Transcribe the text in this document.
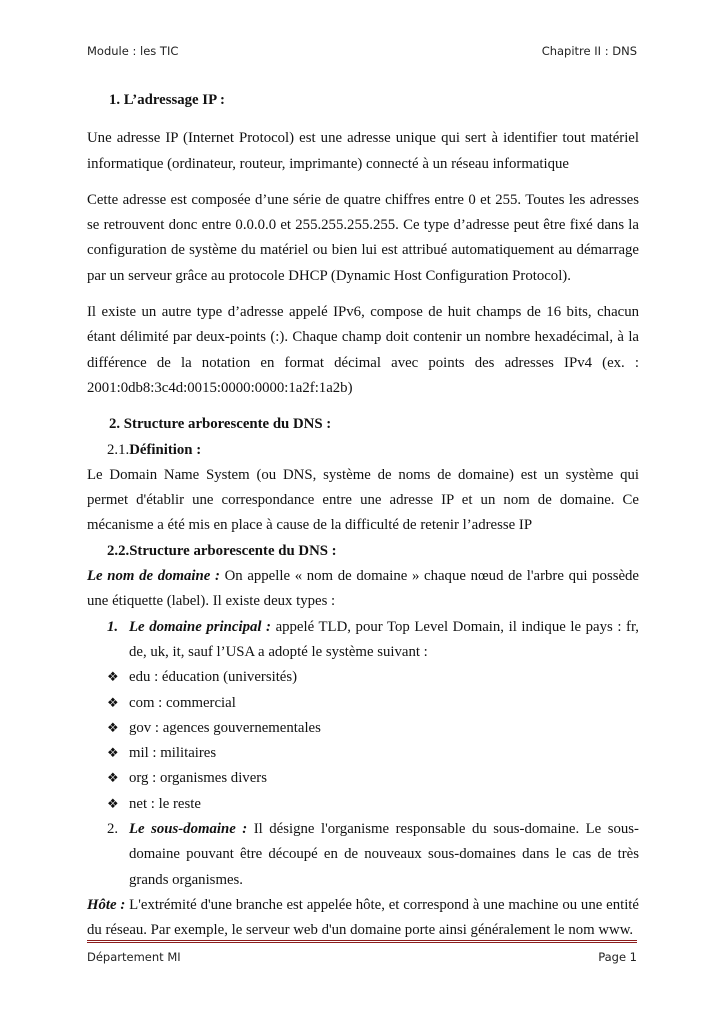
Module : les TIC	Chapitre II : DNS
1. L’adressage IP :
Une adresse IP (Internet Protocol) est une adresse unique qui sert à identifier tout matériel informatique (ordinateur, routeur, imprimante) connecté à un réseau informatique
Cette adresse est composée d’une série de quatre chiffres entre 0 et 255. Toutes les adresses se retrouvent donc entre 0.0.0.0 et 255.255.255.255. Ce type d’adresse peut être fixé dans la configuration de système du matériel ou bien lui est attribué automatiquement au démarrage par un serveur grâce au protocole DHCP (Dynamic Host Configuration Protocol).
Il existe un autre type d’adresse appelé IPv6, compose de huit champs de 16 bits, chacun étant délimité par deux-points (:). Chaque champ doit contenir un nombre hexadécimal, à la différence de la notation en format décimal avec points des adresses IPv4 (ex. : 2001:0db8:3c4d:0015:0000:0000:1a2f:1a2b)
2. Structure arborescente du DNS :
2.1.Définition :
Le Domain Name System (ou DNS, système de noms de domaine) est un système qui permet d'établir une correspondance entre une adresse IP et un nom de domaine. Ce mécanisme a été mis en place à cause de la difficulté de retenir l’adresse IP
2.2.Structure arborescente du DNS :
Le nom de domaine : On appelle « nom de domaine » chaque nœud de l'arbre qui possède une étiquette (label). Il existe deux types :
1. Le domaine principal : appelé TLD, pour Top Level Domain, il indique le pays : fr, de, uk, it, sauf l’USA a adopté le système suivant :
❖ edu : éducation (universités)
❖ com : commercial
❖ gov : agences gouvernementales
❖ mil : militaires
❖ org : organismes divers
❖ net : le reste
2. Le sous-domaine : Il désigne l'organisme responsable du sous-domaine. Le sous-domaine pouvant être découpé en de nouveaux sous-domaines dans le cas de très grands organismes.
Hôte : L'extrémité d'une branche est appelée hôte, et correspond à une machine ou une entité du réseau. Par exemple, le serveur web d'un domaine porte ainsi généralement le nom www.
Département MI	Page 1
